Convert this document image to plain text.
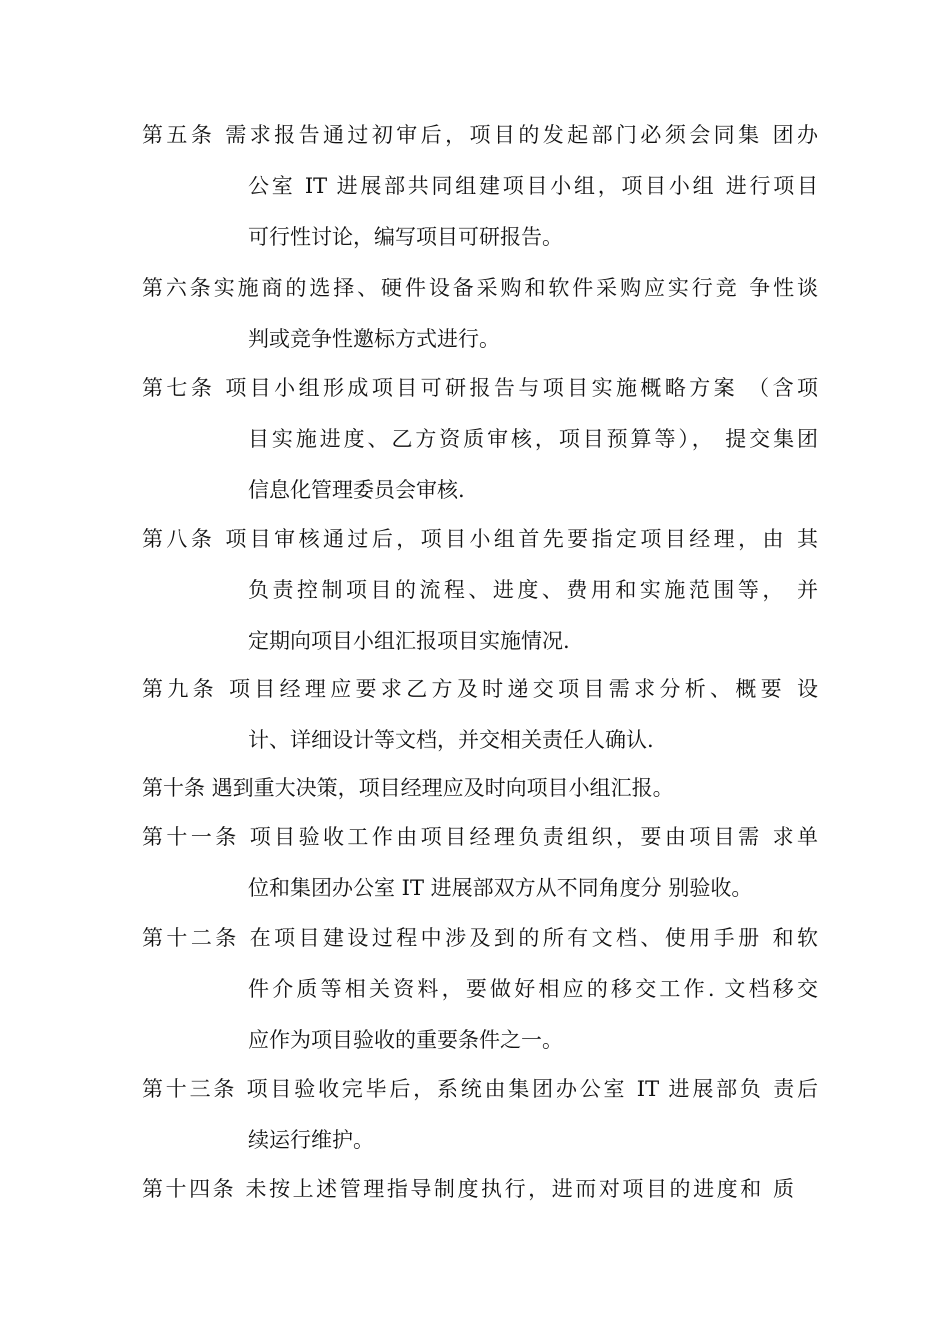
第五条 需求报告通过初审后，项目的发起部门必须会同集 团办
公室 IT 进展部共同组建项目小组，项目小组 进行项目
可行性讨论，编写项目可研报告。
第六条实施商的选择、硬件设备采购和软件采购应实行竞 争性谈
判或竞争性邀标方式进行。
第七条 项目小组形成项目可研报告与项目实施概略方案 （含项
目实施进度、乙方资质审核，项目预算等）， 提交集团
信息化管理委员会审核.
第八条 项目审核通过后，项目小组首先要指定项目经理，由 其
负责控制项目的流程、进度、费用和实施范围等， 并
定期向项目小组汇报项目实施情况.
第九条 项目经理应要求乙方及时递交项目需求分析、概要 设
计、详细设计等文档，并交相关责任人确认.
第十条 遇到重大决策，项目经理应及时向项目小组汇报。
第十一条 项目验收工作由项目经理负责组织，要由项目需 求单
位和集团办公室 IT 进展部双方从不同角度分 别验收。
第十二条 在项目建设过程中涉及到的所有文档、使用手册 和软
件介质等相关资料，要做好相应的移交工作. 文档移交
应作为项目验收的重要条件之一。
第十三条 项目验收完毕后，系统由集团办公室 IT 进展部负 责后
续运行维护。
第十四条 未按上述管理指导制度执行，进而对项目的进度和 质
